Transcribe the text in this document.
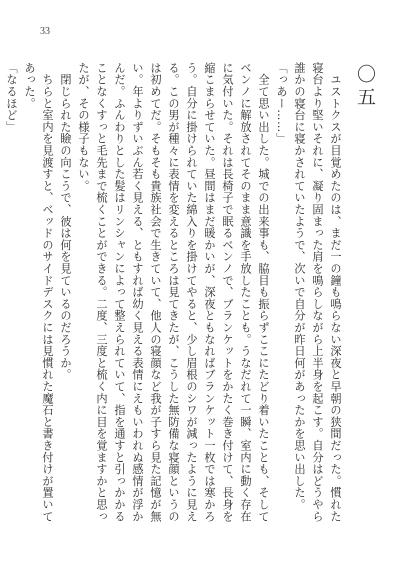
33
〇五

　ユストクスが目覚めたのは、まだ一の鐘も鳴らない深夜と早朝の狭間だった。慣れた寝台より堅いそれに、凝り固まった肩を鳴らしながら上半身を起こす。自分はどうやら誰かの寝台に寝かされていたようで、次いで自分が昨日何があったかを思い出した。

「っあー……」

　全て思い出した。城での出来事も、脇目も振らずここにたどり着いたことも、そしてベンノに解放されてそのまま意識を手放したことも。うなだれて一瞬、室内に動く存在に気付いた。それは長椅子で眠るベンノで、ブランケットをかたく巻き付けて、長身を縮こまらせていた。昼間はまだ暖かいが、深夜ともなればブランケット一枚では寒かろう。自分に掛けられていた綿入りを掛けてやると、少し眉根のシワが減ったように見える。この男が種々に表情を変えるところは見てきたが、こうした無防備な寝顔というのは初めてだ。そもそも貴族社会で生きていて、他人の寝顔など我が子すら見た記憶が無い。年よりずいぶん若く見える、ともすれば幼く見える表情にえもいわれぬ感情が浮かんだ。ふんわりとした髪はリンシャンによって整えられていて、指を通すと引っかかることなくすっと毛先まで梳くことができる。二度、三度と梳く内に目を覚ますかと思ったが、その様子もない。

　閉じられた瞼の向こうで、彼は何を見ているのだろうか。

　ちらと室内を見渡すと、ベッドのサイドデスクには見慣れた魔石と書き付けが置いてあった。

「なるほど」
